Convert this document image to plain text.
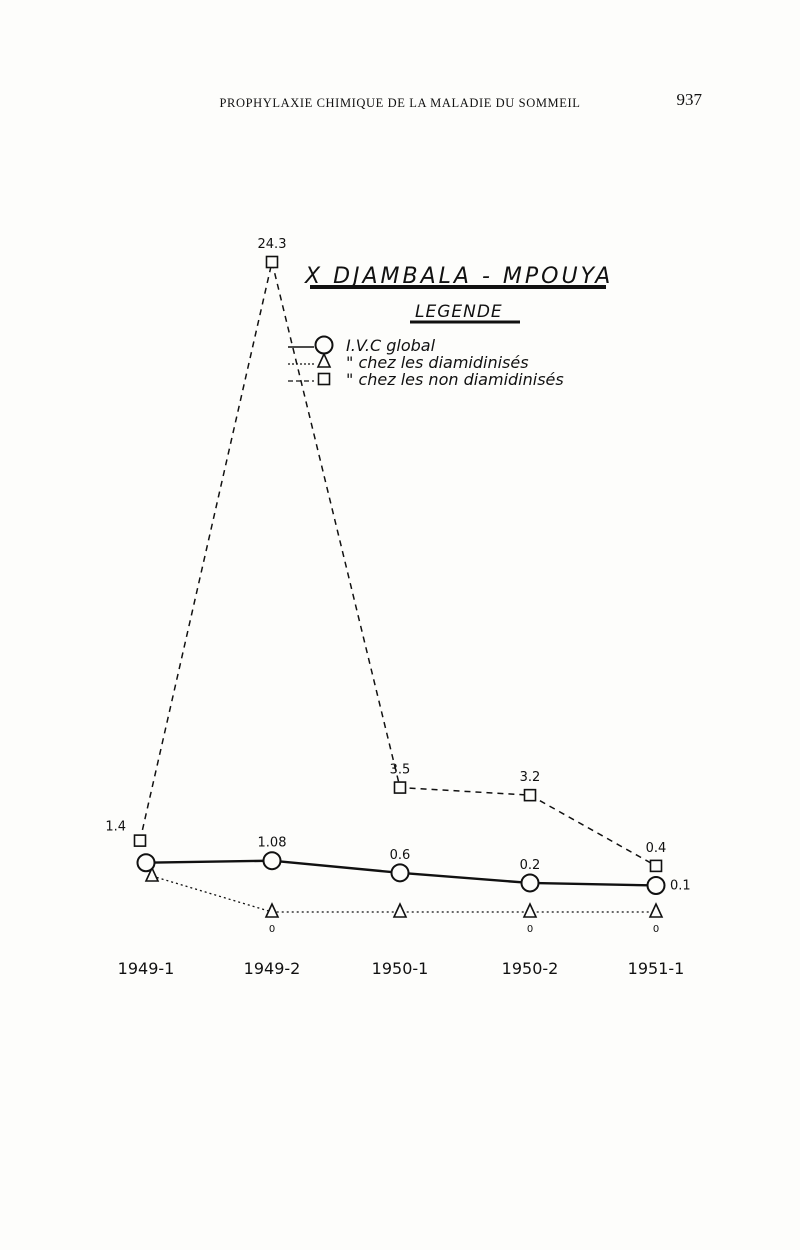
PROPHYLAXIE CHIMIQUE DE LA MALADIE DU SOMMEIL	937
X DJAMBALA - MPOUYA
LEGENDE
I.V.C global
" chez les diamidinisés
" chez les non diamidinisés
0	0	0
1.4
24.3
3.5
3.2
0.4
1.08
0.6
0.2
0.1
1949-1	1949-2	1950-1	1950-2	1951-1
